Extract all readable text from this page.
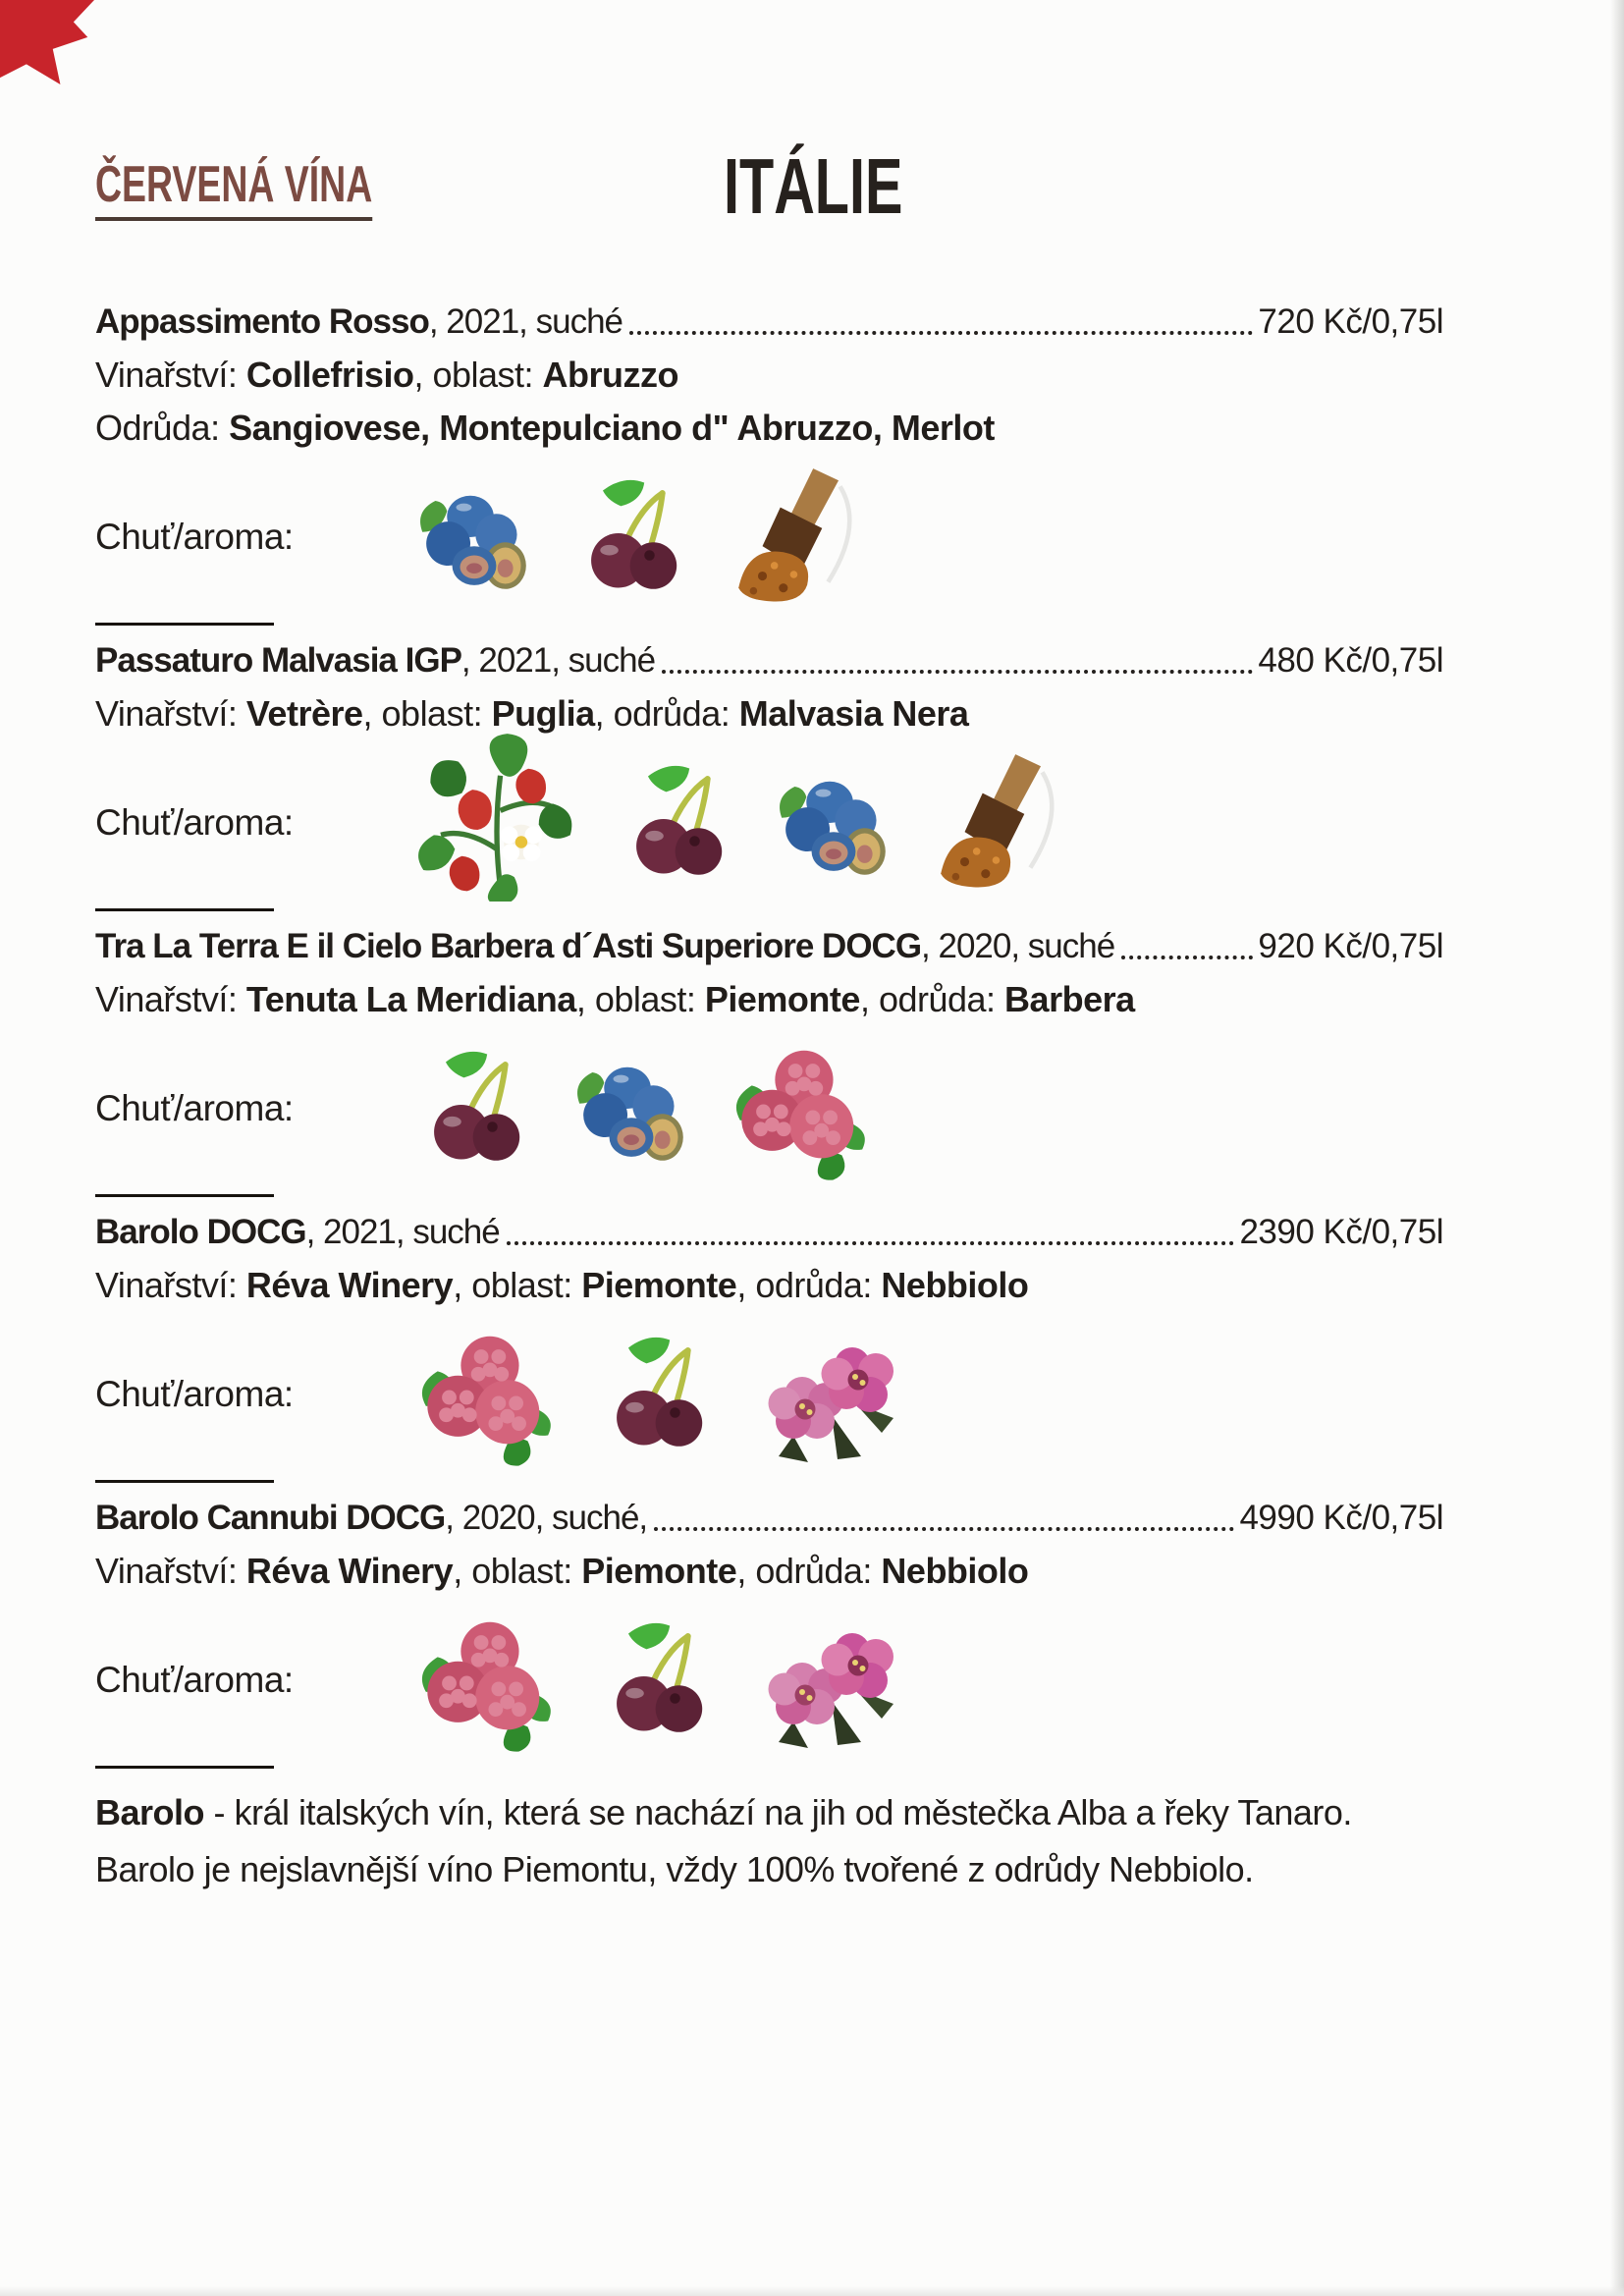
ČERVENÁ VÍNA	ITÁLIE
Appassimento Rosso, 2021, suché	720 Kč/0,75l

Vinařství: Collefrisio, oblast: Abruzzo

Odrůda: Sangiovese, Montepulciano d" Abruzzo, Merlot

Chuť/aroma:
Passaturo Malvasia IGP, 2021, suché	480 Kč/0,75l

Vinařství: Vetrère, oblast: Puglia, odrůda: Malvasia Nera

Chuť/aroma:
Tra La Terra E il Cielo Barbera d´Asti Superiore DOCG, 2020, suché	920 Kč/0,75l

Vinařství: Tenuta La Meridiana, oblast: Piemonte, odrůda: Barbera

Chuť/aroma:
Barolo DOCG, 2021, suché	2390 Kč/0,75l

Vinařství: Réva Winery, oblast: Piemonte, odrůda: Nebbiolo

Chuť/aroma:
Barolo Cannubi DOCG, 2020, suché,	4990 Kč/0,75l

Vinařství: Réva Winery, oblast: Piemonte, odrůda: Nebbiolo

Chuť/aroma:
Barolo - král italských vín, která se nachází na jih od městečka Alba a řeky Tanaro.
Barolo je nejslavnější víno Piemontu, vždy 100% tvořené z odrůdy Nebbiolo.
